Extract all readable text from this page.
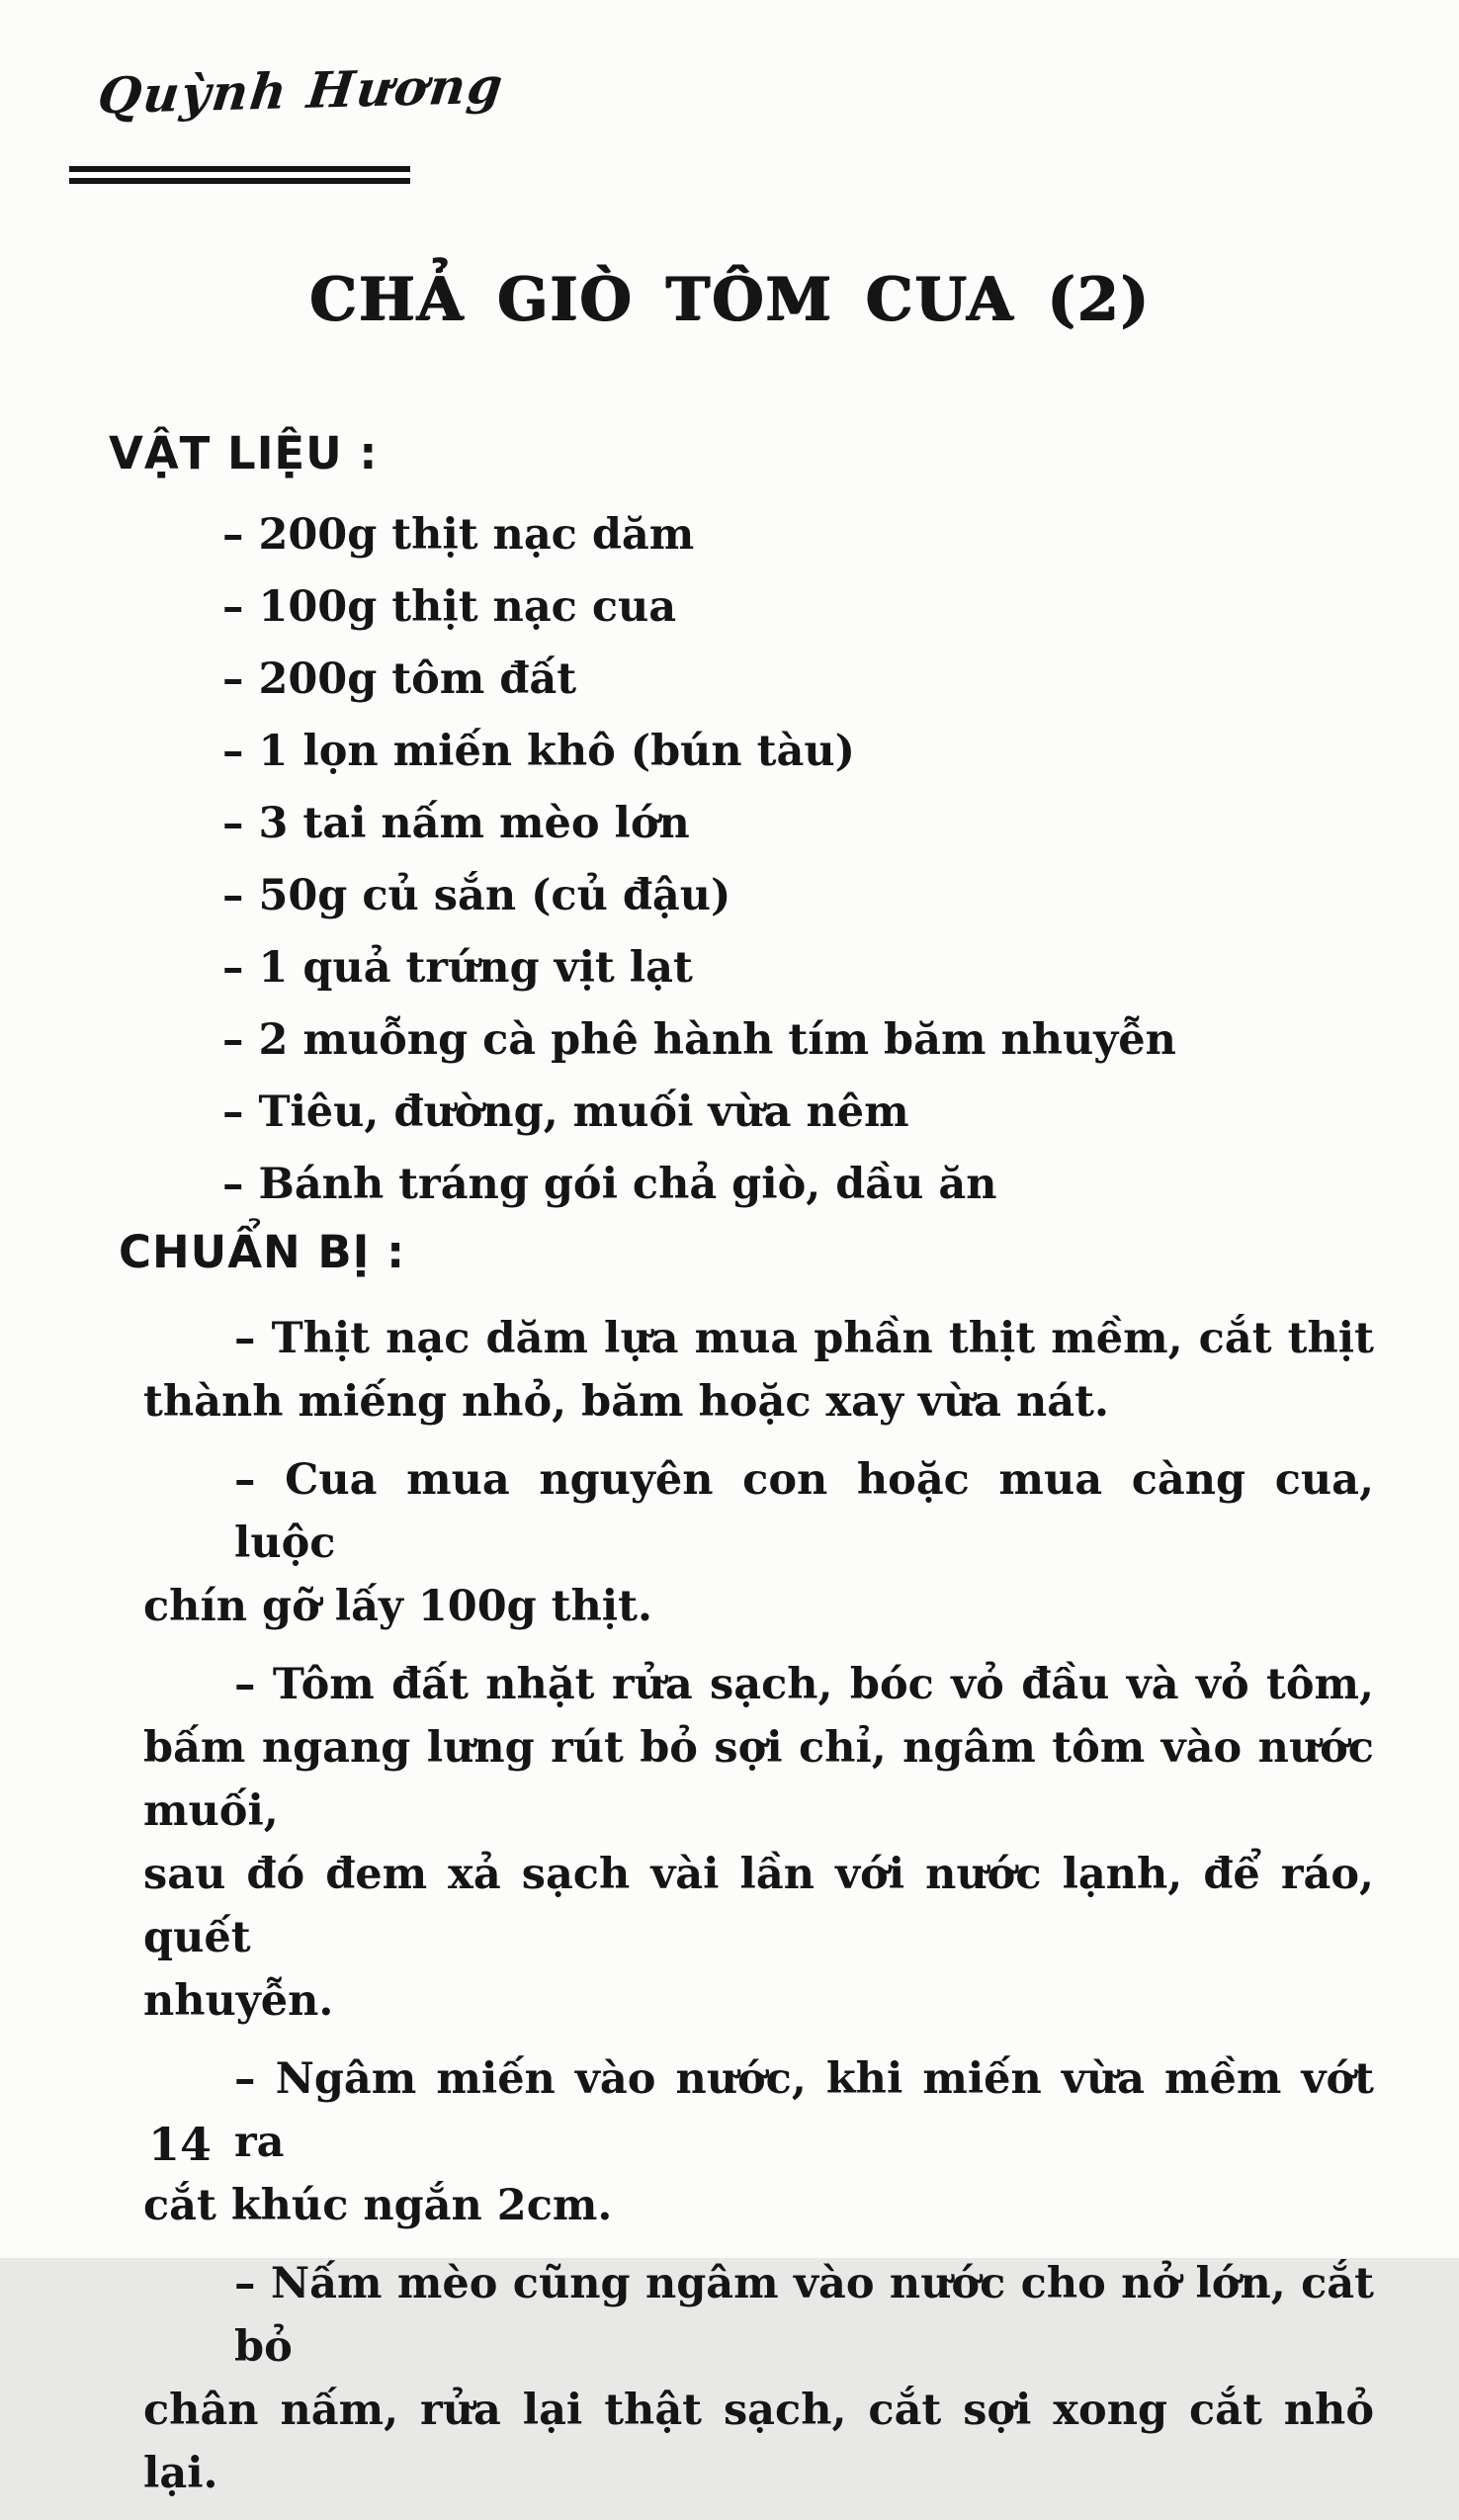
Quỳnh Hương
CHẢ GIÒ TÔM CUA (2)
VẬT LIỆU :
– 200g thịt nạc dăm
– 100g thịt nạc cua
– 200g tôm đất
– 1 lọn miến khô (bún tàu)
– 3 tai nấm mèo lớn
– 50g củ sắn (củ đậu)
– 1 quả trứng vịt lạt
– 2 muỗng cà phê hành tím băm nhuyễn
– Tiêu, đường, muối vừa nêm
– Bánh tráng gói chả giò, dầu ăn
CHUẨN BỊ :
– Thịt nạc dăm lựa mua phần thịt mềm, cắt thịt
thành miếng nhỏ, băm hoặc xay vừa nát.
– Cua mua nguyên con hoặc mua càng cua, luộc
chín gỡ lấy 100g thịt.
– Tôm đất nhặt rửa sạch, bóc vỏ đầu và vỏ tôm,
bấm ngang lưng rút bỏ sợi chỉ, ngâm tôm vào nước muối,
sau đó đem xả sạch vài lần với nước lạnh, để ráo, quết
nhuyễn.
– Ngâm miến vào nước, khi miến vừa mềm vớt ra
cắt khúc ngắn 2cm.
– Nấm mèo cũng ngâm vào nước cho nở lớn, cắt bỏ
chân nấm, rửa lại thật sạch, cắt sợi xong cắt nhỏ lại.
14
